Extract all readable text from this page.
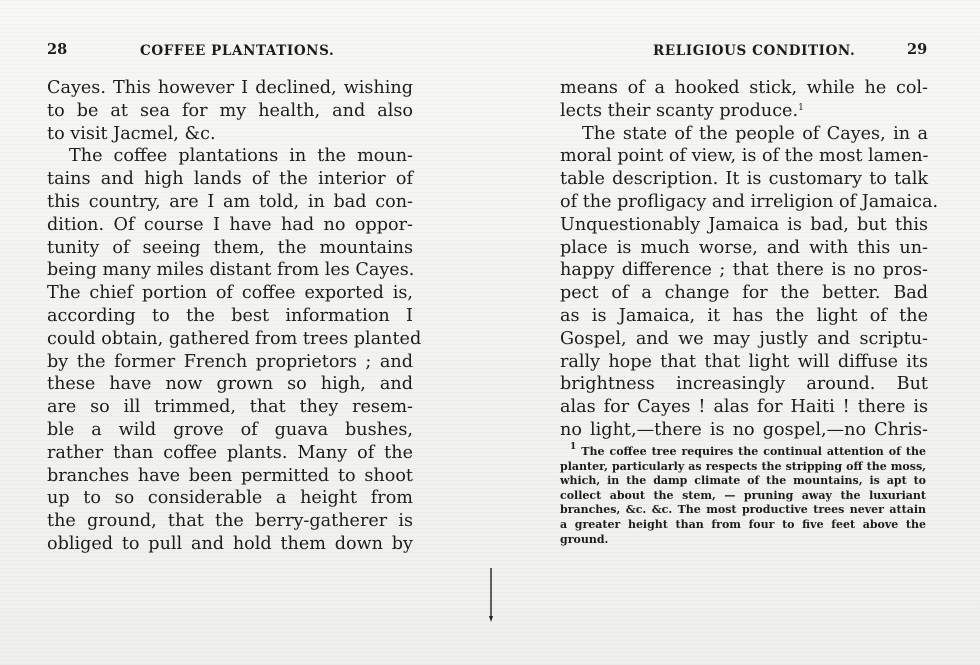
28	COFFEE PLANTATIONS.
Cayes. This however I declined, wishing
to be at sea for my health, and also
to visit Jacmel, &c.
The coffee plantations in the moun-
tains and high lands of the interior of
this country, are I am told, in bad con-
dition. Of course I have had no oppor-
tunity of seeing them, the mountains
being many miles distant from les Cayes.
The chief portion of coffee exported is,
according to the best information I
could obtain, gathered from trees planted
by the former French proprietors ; and
these have now grown so high, and
are so ill trimmed, that they resem-
ble a wild grove of guava bushes,
rather than coffee plants. Many of the
branches have been permitted to shoot
up to so considerable a height from
the ground, that the berry-gatherer is
obliged to pull and hold them down by
RELIGIOUS CONDITION.	29
means of a hooked stick, while he col-
lects their scanty produce.$^1$
The state of the people of Cayes, in a
moral point of view, is of the most lamen-
table description. It is customary to talk
of the profligacy and irreligion of Jamaica.
Unquestionably Jamaica is bad, but this
place is much worse, and with this un-
happy difference ; that there is no pros-
pect of a change for the better. Bad
as is Jamaica, it has the light of the
Gospel, and we may justly and scriptu-
rally hope that that light will diffuse its
brightness increasingly around. But
alas for Cayes ! alas for Haiti ! there is
no light,—there is no gospel,—no Chris-
$^1$ The coffee tree requires the continual attention of the
planter, particularly as respects the stripping off the moss,
which, in the damp climate of the mountains, is apt to
collect about the stem, — pruning away the luxuriant
branches, &c. &c. The most productive trees never attain
a greater height than from four to five feet above the
ground.
